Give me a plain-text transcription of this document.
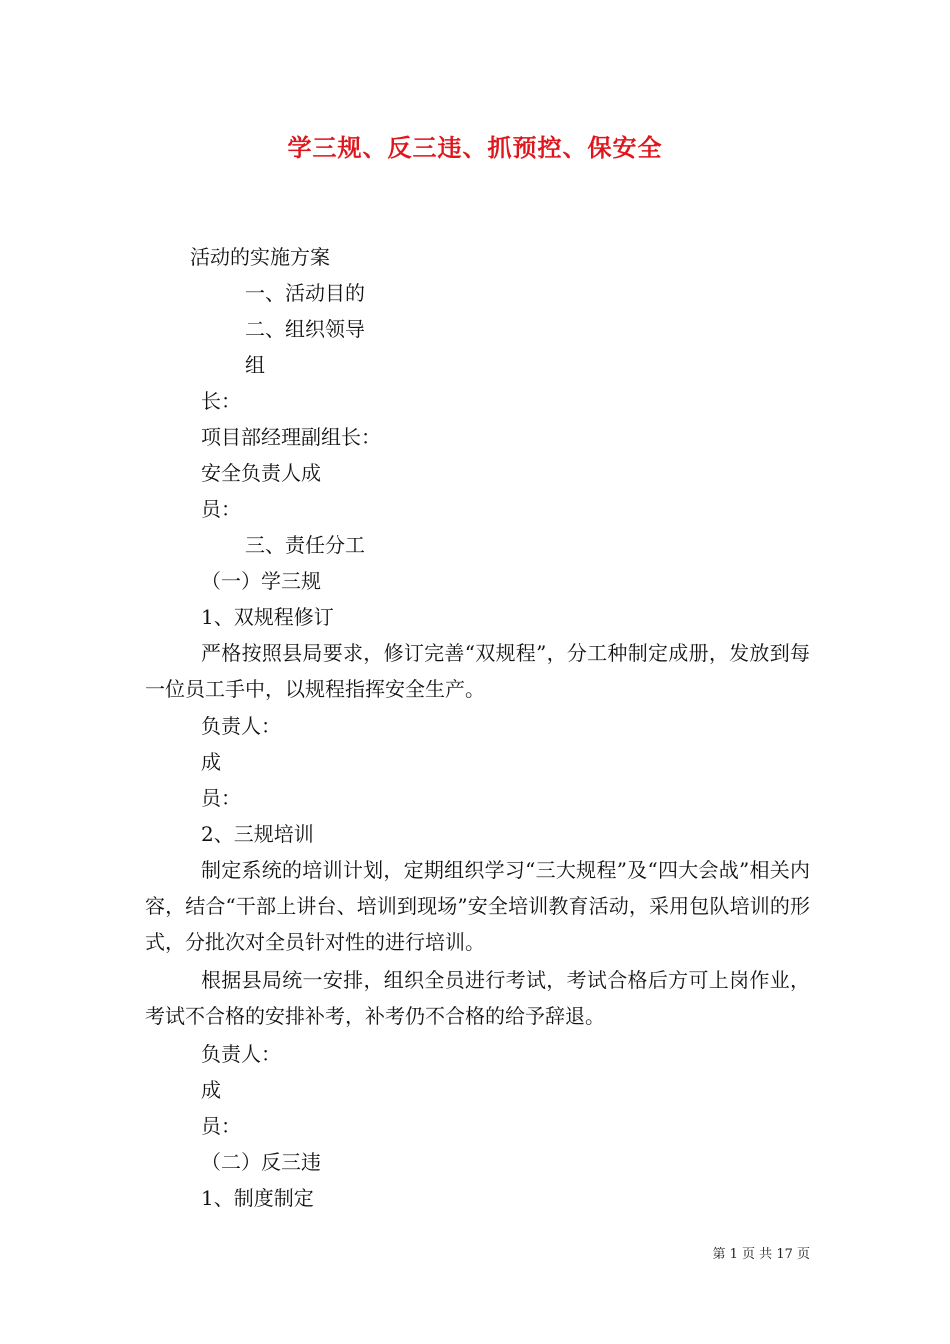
学三规、反三违、抓预控、保安全
活动的实施方案
一、活动目的
二、组织领导
组
长：
项目部经理副组长：
安全负责人成
员：
三、责任分工
（一）学三规
1、双规程修订
严格按照县局要求，修订完善“双规程”，分工种制定成册，发放到每一位员工手中，以规程指挥安全生产。
负责人：
成
员：
2、三规培训
制定系统的培训计划，定期组织学习“三大规程”及“四大会战”相关内容，结合“干部上讲台、培训到现场”安全培训教育活动，采用包队培训的形式，分批次对全员针对性的进行培训。
根据县局统一安排，组织全员进行考试，考试合格后方可上岗作业，考试不合格的安排补考，补考仍不合格的给予辞退。
负责人：
成
员：
（二）反三违
1、制度制定
第 1 页 共 17 页
